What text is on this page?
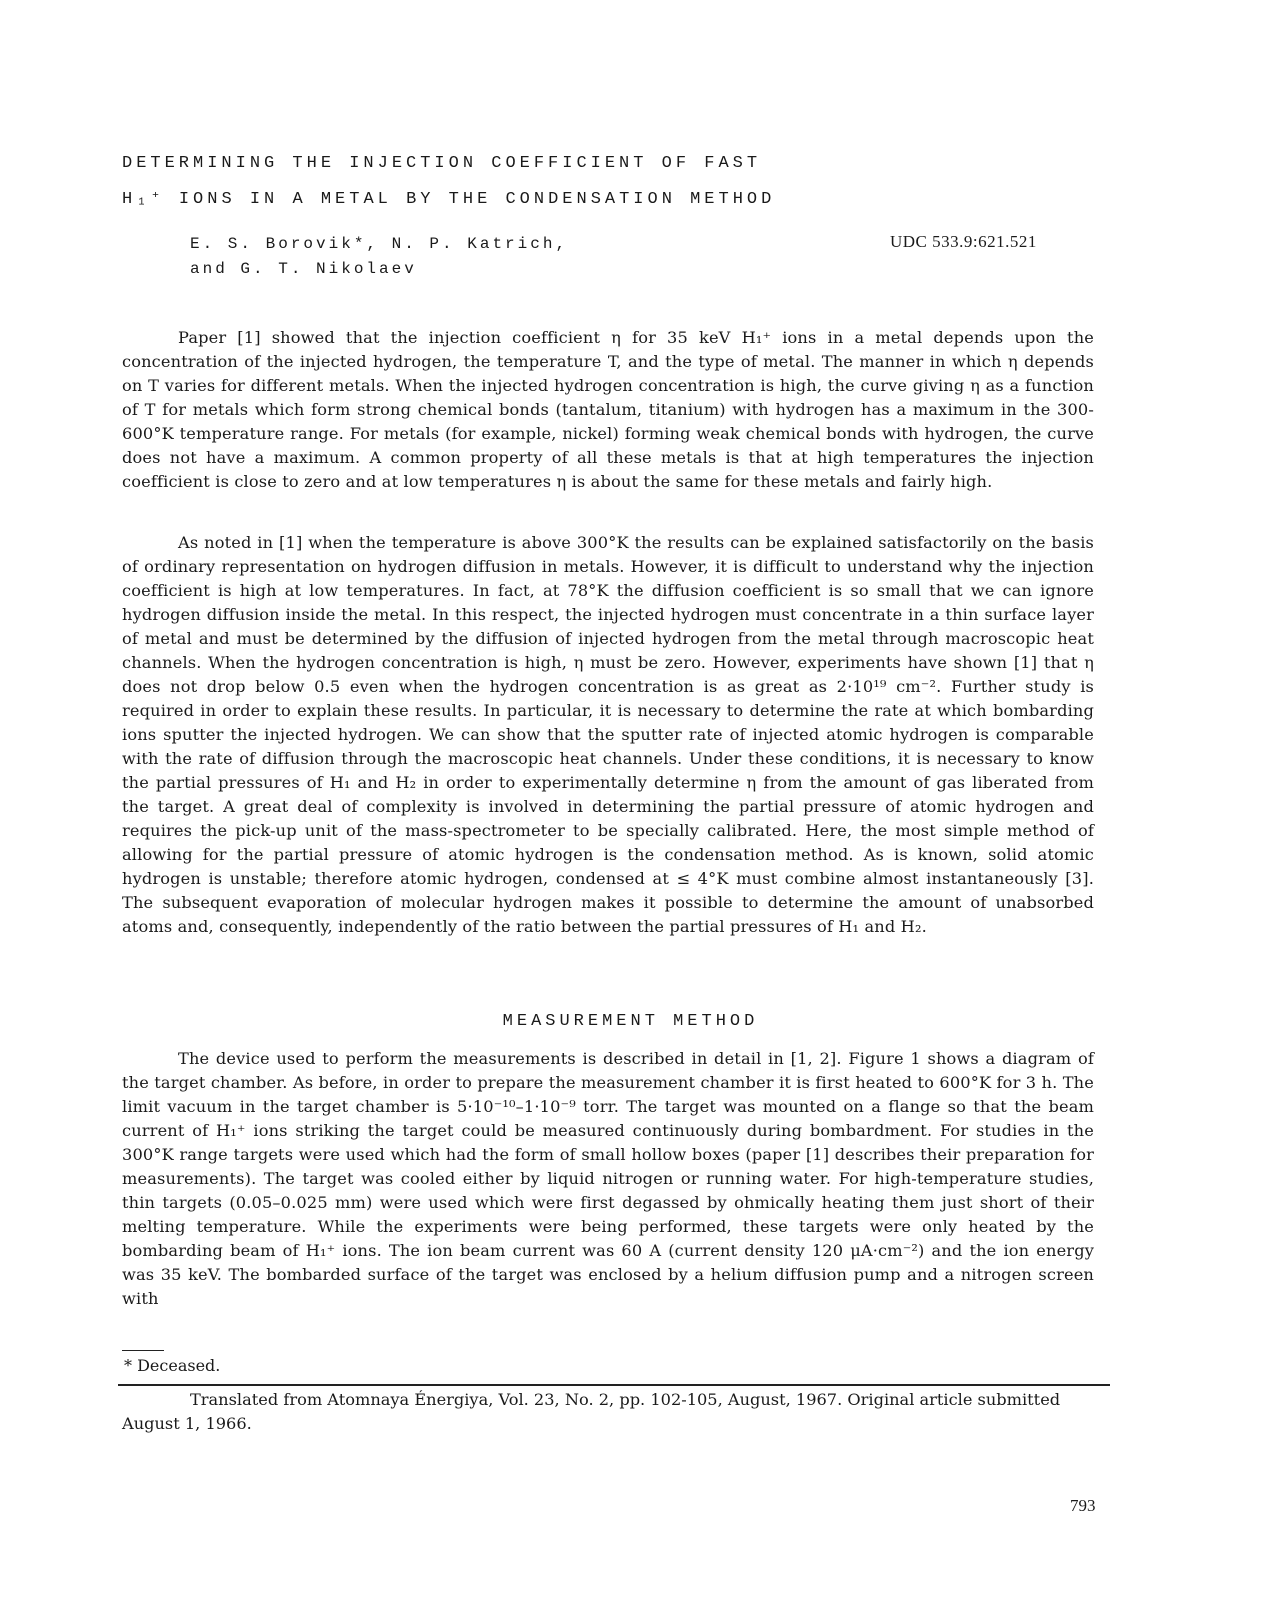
DETERMINING THE INJECTION COEFFICIENT OF FAST
H₁⁺ IONS IN A METAL BY THE CONDENSATION METHOD
E. S. Borovik*, N. P. Katrich,
and G. T. Nikolaev
UDC 533.9:621.521

Paper [1] showed that the injection coefficient η for 35 keV H₁⁺ ions in a metal depends upon the concentration of the injected hydrogen, the temperature T, and the type of metal. The manner in which η depends on T varies for different metals. When the injected hydrogen concentration is high, the curve giving η as a function of T for metals which form strong chemical bonds (tantalum, titanium) with hydrogen has a maximum in the 300-600°K temperature range. For metals (for example, nickel) forming weak chemical bonds with hydrogen, the curve does not have a maximum. A common property of all these metals is that at high temperatures the injection coefficient is close to zero and at low temperatures η is about the same for these metals and fairly high.

As noted in [1] when the temperature is above 300°K the results can be explained satisfactorily on the basis of ordinary representation on hydrogen diffusion in metals. However, it is difficult to understand why the injection coefficient is high at low temperatures. In fact, at 78°K the diffusion coefficient is so small that we can ignore hydrogen diffusion inside the metal. In this respect, the injected hydrogen must concentrate in a thin surface layer of metal and must be determined by the diffusion of injected hydrogen from the metal through macroscopic heat channels. When the hydrogen concentration is high, η must be zero. However, experiments have shown [1] that η does not drop below 0.5 even when the hydrogen concentration is as great as 2·10¹⁹ cm⁻². Further study is required in order to explain these results. In particular, it is necessary to determine the rate at which bombarding ions sputter the injected hydrogen. We can show that the sputter rate of injected atomic hydrogen is comparable with the rate of diffusion through the macroscopic heat channels. Under these conditions, it is necessary to know the partial pressures of H₁ and H₂ in order to experimentally determine η from the amount of gas liberated from the target. A great deal of complexity is involved in determining the partial pressure of atomic hydrogen and requires the pick-up unit of the mass-spectrometer to be specially calibrated. Here, the most simple method of allowing for the partial pressure of atomic hydrogen is the condensation method. As is known, solid atomic hydrogen is unstable; therefore atomic hydrogen, condensed at ≤ 4°K must combine almost instantaneously [3]. The subsequent evaporation of molecular hydrogen makes it possible to determine the amount of unabsorbed atoms and, consequently, independently of the ratio between the partial pressures of H₁ and H₂.

MEASUREMENT METHOD

The device used to perform the measurements is described in detail in [1, 2]. Figure 1 shows a diagram of the target chamber. As before, in order to prepare the measurement chamber it is first heated to 600°K for 3 h. The limit vacuum in the target chamber is 5·10⁻¹⁰–1·10⁻⁹ torr. The target was mounted on a flange so that the beam current of H₁⁺ ions striking the target could be measured continuously during bombardment. For studies in the 300°K range targets were used which had the form of small hollow boxes (paper [1] describes their preparation for measurements). The target was cooled either by liquid nitrogen or running water. For high-temperature studies, thin targets (0.05–0.025 mm) were used which were first degassed by ohmically heating them just short of their melting temperature. While the experiments were being performed, these targets were only heated by the bombarding beam of H₁⁺ ions. The ion beam current was 60 A (current density 120 μA·cm⁻²) and the ion energy was 35 keV. The bombarded surface of the target was enclosed by a helium diffusion pump and a nitrogen screen with

* Deceased.

Translated from Atomnaya Énergiya, Vol. 23, No. 2, pp. 102-105, August, 1967. Original article submitted August 1, 1966.

793
